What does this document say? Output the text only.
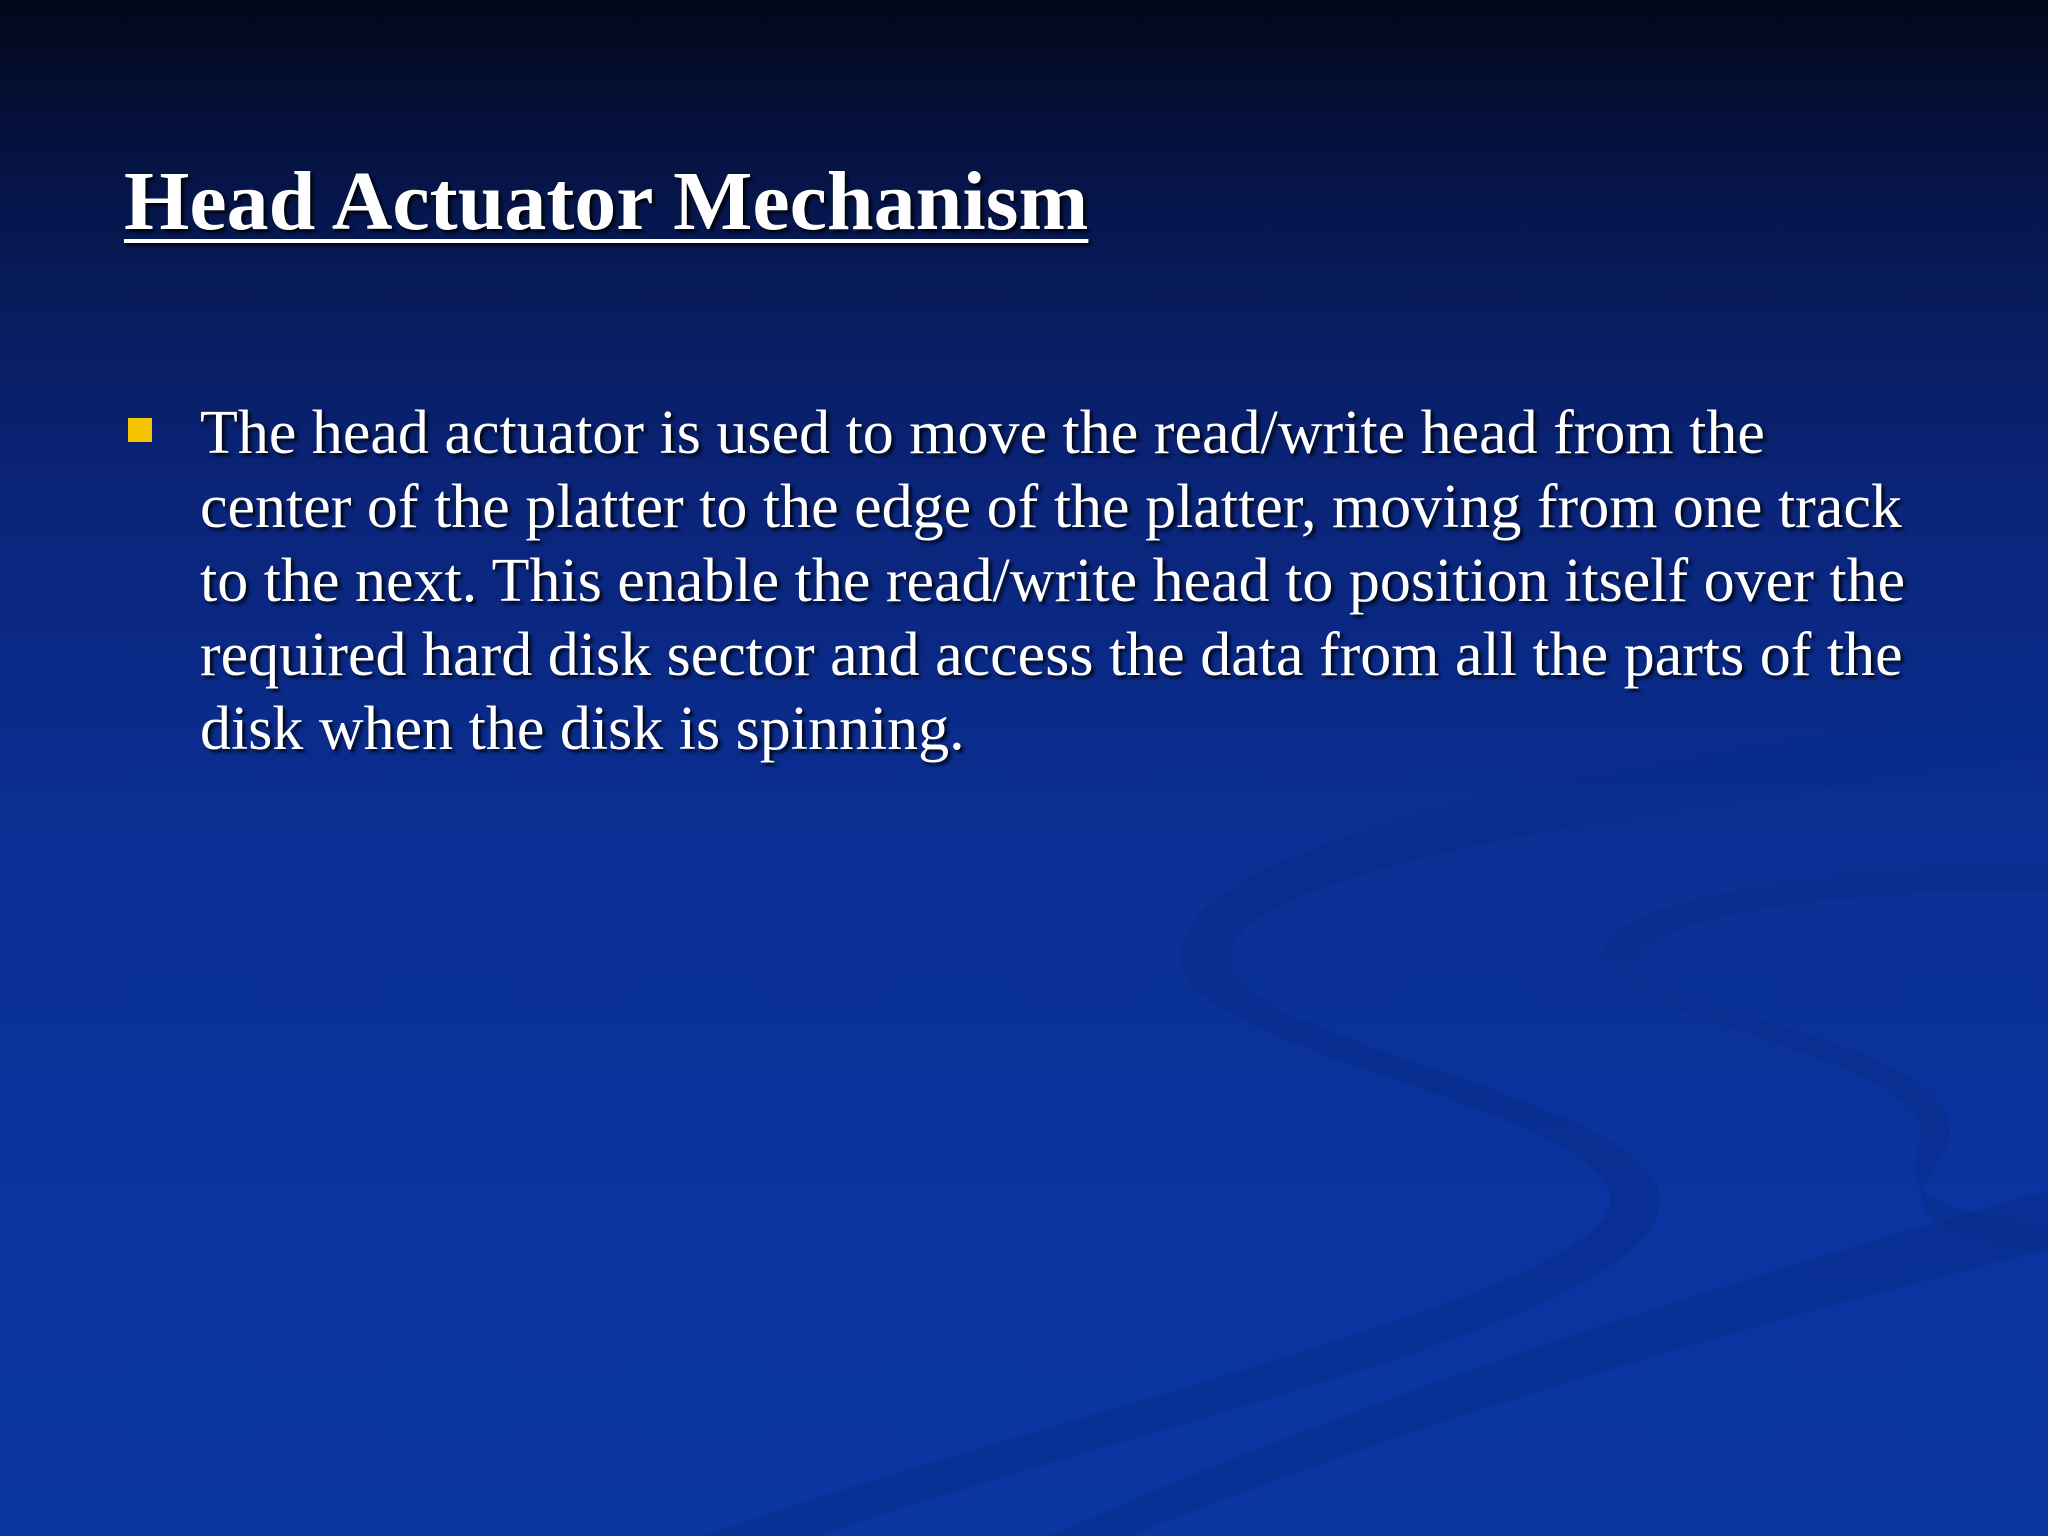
Head Actuator Mechanism
The head actuator is used to move the read/write head from the center of the platter to the edge of the platter, moving from one track to the next. This enable the read/write head to position itself over the required hard disk sector and access the data from all the parts of the disk when the disk is spinning.
